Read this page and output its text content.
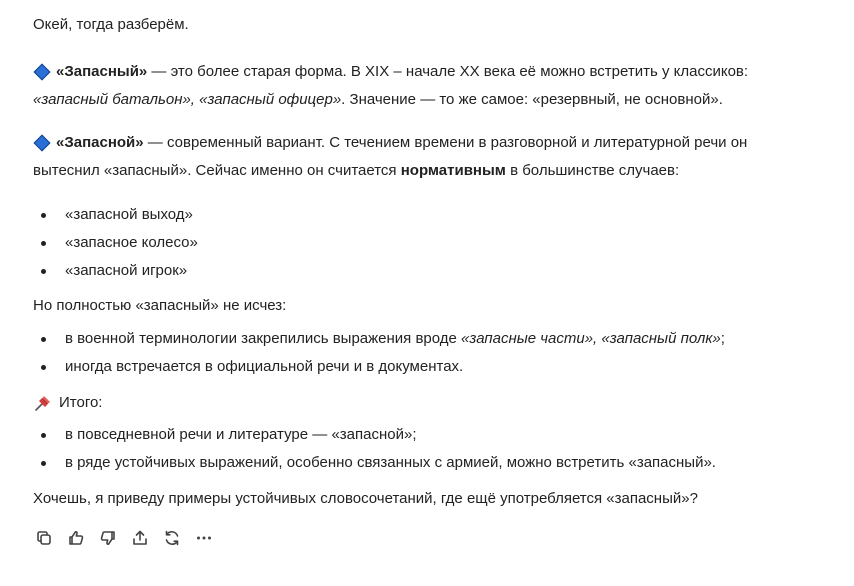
Окей, тогда разберём.

«Запасный» — это более старая форма. В XIX – начале XX века её можно встретить у классиков:
«запасный батальон», «запасный офицер». Значение — то же самое: «резервный, не основной».

«Запасной» — современный вариант. С течением времени в разговорной и литературной речи он
вытеснил «запасный». Сейчас именно он считается нормативным в большинстве случаев:

«запасной выход»
«запасное колесо»
«запасной игрок»

Но полностью «запасный» не исчез:

в военной терминологии закрепились выражения вроде «запасные части», «запасный полк»;
иногда встречается в официальной речи и в документах.

Итого:

в повседневной речи и литературе — «запасной»;
в ряде устойчивых выражений, особенно связанных с армией, можно встретить «запасный».

Хочешь, я приведу примеры устойчивых словосочетаний, где ещё употребляется «запасный»?
